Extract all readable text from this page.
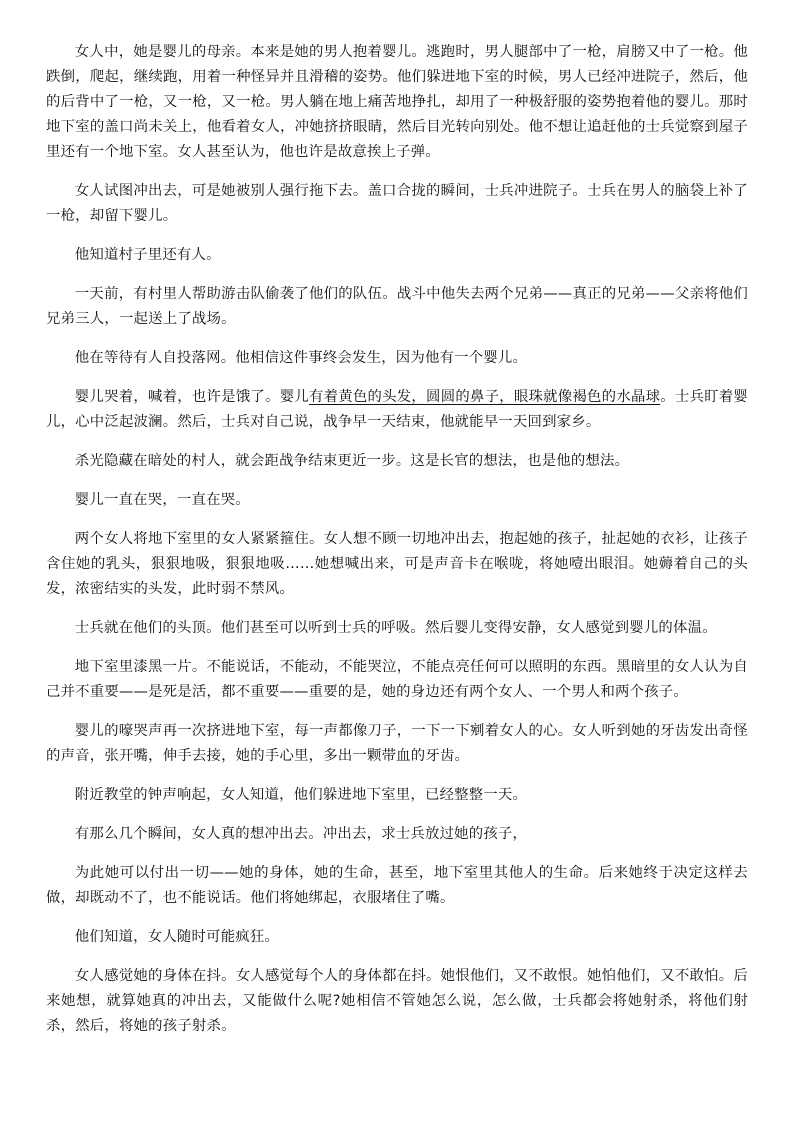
女人中，她是婴儿的母亲。本来是她的男人抱着婴儿。逃跑时，男人腿部中了一枪，肩膀又中了一枪。他跌倒，爬起，继续跑，用着一种怪异并且滑稽的姿势。他们躲进地下室的时候，男人已经冲进院子，然后，他的后背中了一枪，又一枪，又一枪。男人躺在地上痛苦地挣扎，却用了一种极舒服的姿势抱着他的婴儿。那时地下室的盖口尚未关上，他看着女人，冲她挤挤眼睛，然后目光转向别处。他不想让追赶他的士兵觉察到屋子里还有一个地下室。女人甚至认为，他也许是故意挨上子弹。

女人试图冲出去，可是她被别人强行拖下去。盖口合拢的瞬间，士兵冲进院子。士兵在男人的脑袋上补了一枪，却留下婴儿。

他知道村子里还有人。

一天前，有村里人帮助游击队偷袭了他们的队伍。战斗中他失去两个兄弟——真正的兄弟——父亲将他们兄弟三人，一起送上了战场。

他在等待有人自投落网。他相信这件事终会发生，因为他有一个婴儿。

婴儿哭着，喊着，也许是饿了。婴儿有着黄色的头发，圆圆的鼻子，眼珠就像褐色的水晶球。士兵盯着婴儿，心中泛起波澜。然后，士兵对自己说，战争早一天结束，他就能早一天回到家乡。

杀光隐藏在暗处的村人，就会距战争结束更近一步。这是长官的想法，也是他的想法。

婴儿一直在哭，一直在哭。

两个女人将地下室里的女人紧紧箍住。女人想不顾一切地冲出去，抱起她的孩子，扯起她的衣衫，让孩子含住她的乳头，狠狠地吸，狠狠地吸……她想喊出来，可是声音卡在喉咙，将她噎出眼泪。她薅着自己的头发，浓密结实的头发，此时弱不禁风。

士兵就在他们的头顶。他们甚至可以听到士兵的呼吸。然后婴儿变得安静，女人感觉到婴儿的体温。

地下室里漆黑一片。不能说话，不能动，不能哭泣，不能点亮任何可以照明的东西。黑暗里的女人认为自己并不重要——是死是活，都不重要——重要的是，她的身边还有两个女人、一个男人和两个孩子。

婴儿的嚎哭声再一次挤进地下室，每一声都像刀子，一下一下剜着女人的心。女人听到她的牙齿发出奇怪的声音，张开嘴，伸手去接，她的手心里，多出一颗带血的牙齿。

附近教堂的钟声响起，女人知道，他们躲进地下室里，已经整整一天。

有那么几个瞬间，女人真的想冲出去。冲出去，求士兵放过她的孩子，

为此她可以付出一切——她的身体，她的生命，甚至，地下室里其他人的生命。后来她终于决定这样去做，却既动不了，也不能说话。他们将她绑起，衣服堵住了嘴。

他们知道，女人随时可能疯狂。

女人感觉她的身体在抖。女人感觉每个人的身体都在抖。她恨他们，又不敢恨。她怕他们，又不敢怕。后来她想，就算她真的冲出去，又能做什么呢?她相信不管她怎么说，怎么做，士兵都会将她射杀，将他们射杀，然后，将她的孩子射杀。
